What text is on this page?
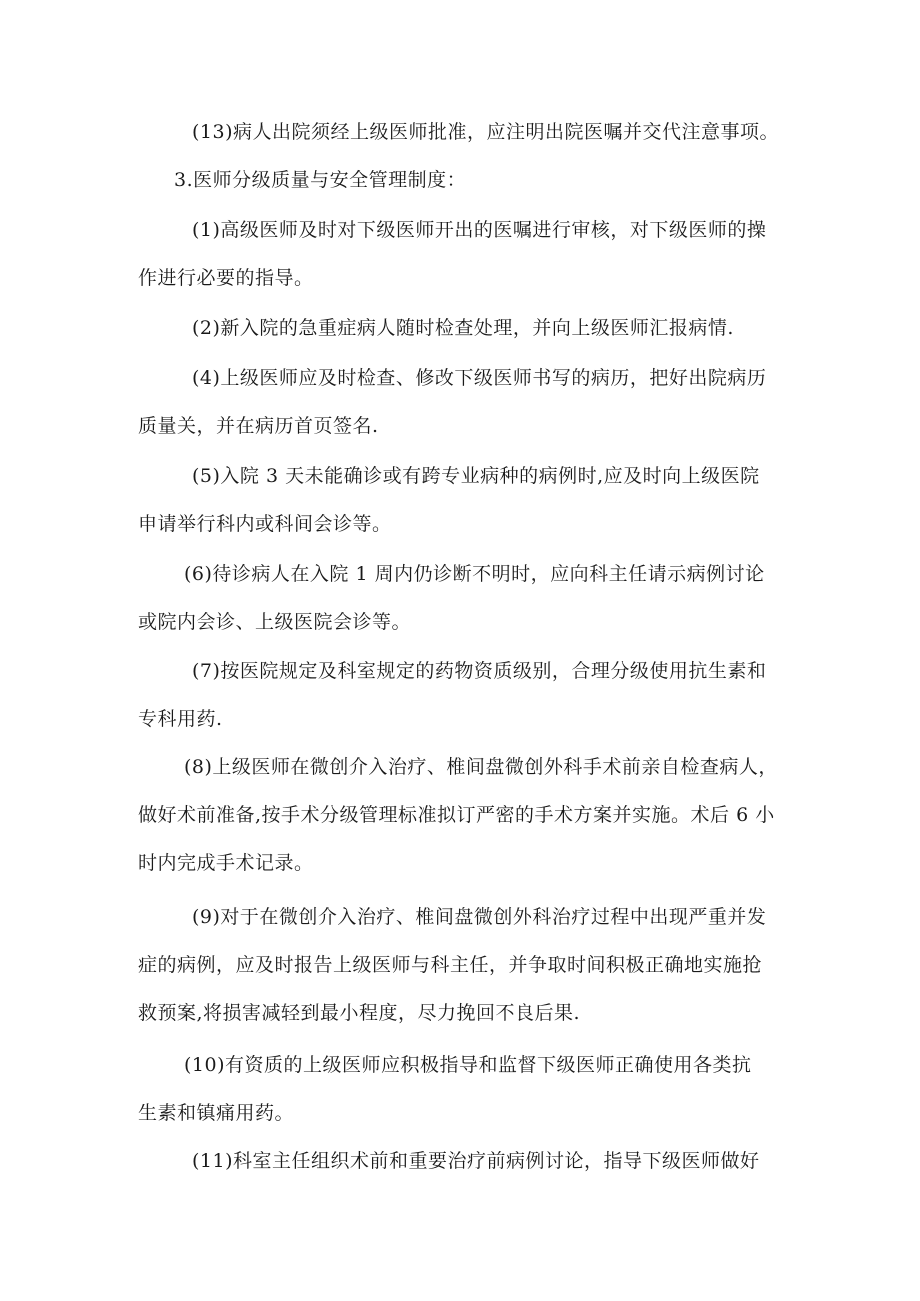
(13)病人出院须经上级医师批准，应注明出院医嘱并交代注意事项。

3.医师分级质量与安全管理制度：

(1)高级医师及时对下级医师开出的医嘱进行审核，对下级医师的操
作进行必要的指导。

(2)新入院的急重症病人随时检查处理，并向上级医师汇报病情.

(4)上级医师应及时检查、修改下级医师书写的病历，把好出院病历
质量关，并在病历首页签名.

(5)入院 3 天未能确诊或有跨专业病种的病例时,应及时向上级医院
申请举行科内或科间会诊等。

(6)待诊病人在入院 1 周内仍诊断不明时，应向科主任请示病例讨论
或院内会诊、上级医院会诊等。

(7)按医院规定及科室规定的药物资质级别，合理分级使用抗生素和
专科用药.

(8)上级医师在微创介入治疗、椎间盘微创外科手术前亲自检查病人，
做好术前准备,按手术分级管理标准拟订严密的手术方案并实施。术后 6 小
时内完成手术记录。

(9)对于在微创介入治疗、椎间盘微创外科治疗过程中出现严重并发
症的病例，应及时报告上级医师与科主任，并争取时间积极正确地实施抢
救预案,将损害减轻到最小程度，尽力挽回不良后果.

(10)有资质的上级医师应积极指导和监督下级医师正确使用各类抗
生素和镇痛用药。

(11)科室主任组织术前和重要治疗前病例讨论，指导下级医师做好
